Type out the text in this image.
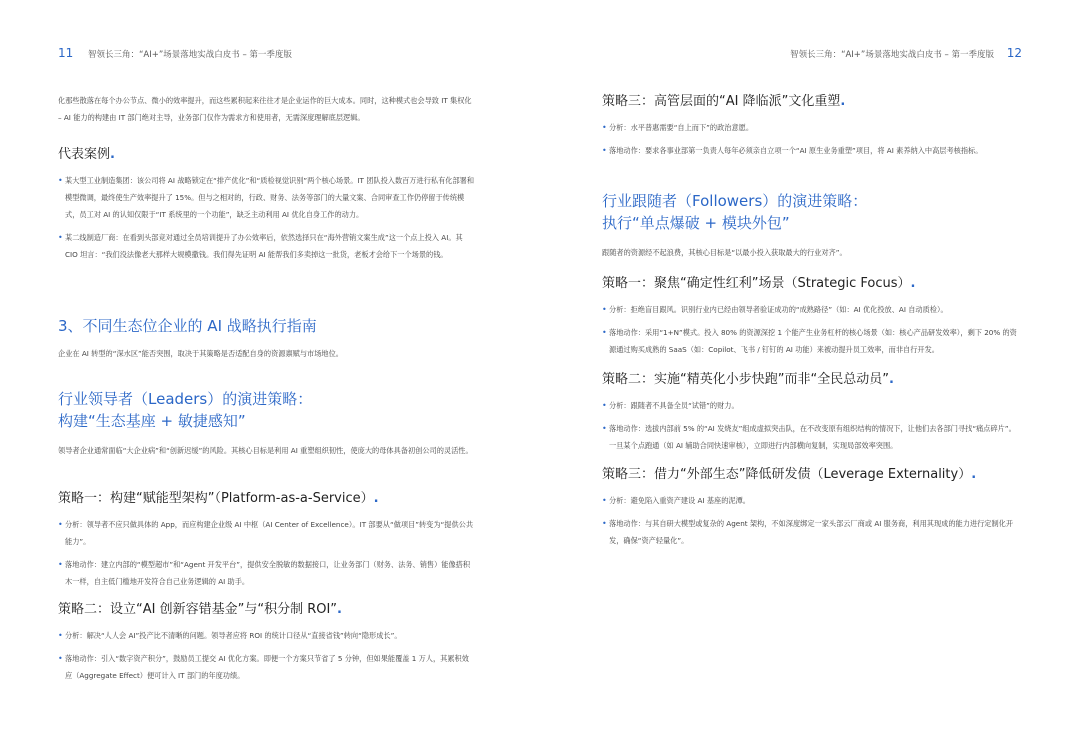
11 智领长三角：“AI+”场景落地实战白皮书 – 第一季度版

化那些散落在每个办公节点、微小的效率提升，而这些累积起来往往才是企业运作的巨大成本。同时，这种模式也会导致 IT 集权化 – AI 能力的构建由 IT 部门绝对主导，业务部门仅作为需求方和使用者，无需深度理解底层逻辑。

代表案例.
• 某大型工业制造集团：该公司将 AI 战略锁定在“排产优化”和“质检视觉识别”两个核心场景。IT 团队投入数百万进行私有化部署和模型微调，最终使生产效率提升了 15%。但与之相对的，行政、财务、法务等部门的大量文案、合同审查工作仍停留于传统模式，员工对 AI 的认知仅限于“IT 系统里的一个功能”，缺乏主动利用 AI 优化自身工作的动力。
• 某二线制造厂商：在看到头部竞对通过全员培训提升了办公效率后，依然选择只在“海外营销文案生成”这一个点上投入 AI。其 CIO 坦言：“我们没法像老大那样大规模撒钱。我们得先证明 AI 能帮我们多卖掉这一批货，老板才会给下一个场景的钱。
3、不同生态位企业的 AI 战略执行指南

企业在 AI 转型的“深水区”能否突围，取决于其策略是否适配自身的资源禀赋与市场地位。

行业领导者（Leaders）的演进策略：
构建“生态基座 + 敏捷感知”

领导者企业通常面临“大企业病”和“创新迟缓”的风险。其核心目标是利用 AI 重塑组织韧性，使庞大的母体具备初创公司的灵活性。

策略一：构建“赋能型架构”（Platform-as-a-Service）.
• 分析：领导者不应只做具体的 App，而应构建企业级 AI 中枢（AI Center of Excellence）。IT 部要从“做项目”转变为“提供公共能力”。
• 落地动作：建立内部的“模型超市”和“Agent 开发平台”，提供安全脱敏的数据接口，让业务部门（财务、法务、销售）能像搭积木一样，自主低门槛地开发符合自己业务逻辑的 AI 助手。
策略二：设立“AI 创新容错基金”与“积分制 ROI”.
• 分析：解决“人人会 AI”投产比不清晰的问题。领导者应将 ROI 的统计口径从“直接省钱”转向“隐形成长”。
• 落地动作：引入“数字资产积分”，鼓励员工提交 AI 优化方案。即便一个方案只节省了 5 分钟，但如果能覆盖 1 万人，其累积效应（Aggregate Effect）便可计入 IT 部门的年度功绩。
智领长三角：“AI+”场景落地实战白皮书 – 第一季度版 12
策略三：高管层面的“AI 降临派”文化重塑.
• 分析：水平普惠需要“自上而下”的政治意愿。
• 落地动作：要求各事业部第一负责人每年必须亲自立项一个“AI 原生业务重塑”项目，将 AI 素养纳入中高层考核指标。
行业跟随者（Followers）的演进策略：
执行“单点爆破 + 模块外包”

跟随者的资源经不起浪费，其核心目标是“以最小投入获取最大的行业对齐”。

策略一：聚焦“确定性红利”场景（Strategic Focus）.
• 分析：拒绝盲目跟风。识别行业内已经由领导者验证成功的“成熟路径”（如：AI 优化投放、AI 自动质检）。
• 落地动作：采用“1+N”模式。投入 80% 的资源深挖 1 个能产生业务杠杆的核心场景（如：核心产品研发效率），剩下 20% 的资源通过购买成熟的 SaaS（如：Copilot、飞书 / 钉钉的 AI 功能）来被动提升员工效率，而非自行开发。
策略二：实施“精英化小步快跑”而非“全民总动员”.
• 分析：跟随者不具备全员“试错”的财力。
• 落地动作：选拔内部前 5% 的“AI 发烧友”组成虚拟突击队，在不改变原有组织结构的情况下，让他们去各部门寻找“痛点碎片”。一旦某个点跑通（如 AI 辅助合同快速审核），立即进行内部横向复制，实现局部效率突围。
策略三：借力“外部生态”降低研发债（Leverage Externality）.
• 分析：避免陷入重资产建设 AI 基座的泥潭。
• 落地动作：与其自研大模型或复杂的 Agent 架构，不如深度绑定一家头部云厂商或 AI 服务商，利用其现成的能力进行定制化开发，确保“资产轻量化”。
